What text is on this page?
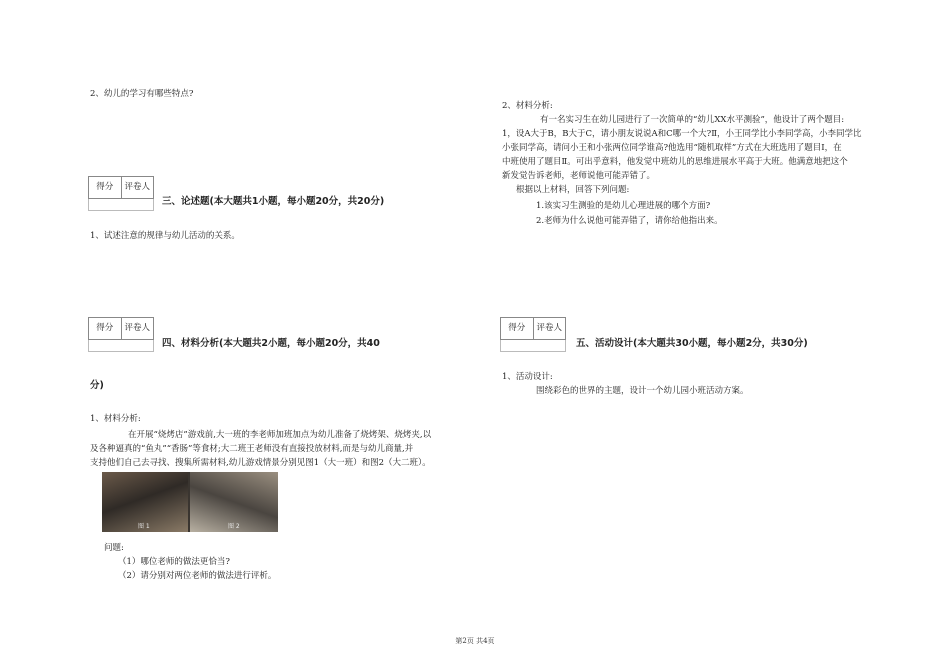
2、幼儿的学习有哪些特点?
得分	评卷人
三、论述题(本大题共1小题，每小题20分，共20分)
1、试述注意的规律与幼儿活动的关系。
得分	评卷人
四、材料分析(本大题共2小题，每小题20分，共40
分)
1、材料分析:
在开展“烧烤店”游戏前,大一班的李老师加班加点为幼儿准备了烧烤架、烧烤夹,以
及各种逼真的“鱼丸”“香肠”等食材;大二班王老师没有直接投放材料,而是与幼儿商量,并
支持他们自己去寻找、搜集所需材料,幼儿游戏情景分别见图1（大一班）和图2（大二班）。
图 1	图 2
问题:
（1）哪位老师的做法更恰当?
（2）请分别对两位老师的做法进行评析。
2、材料分析:
有一名实习生在幼儿园进行了一次简单的“幼儿XX水平测验”，他设计了两个题目:
1，设A大于B，B大于C，请小朋友说说A和C哪一个大?Ⅱ，小王同学比小李同学高，小李同学比
小张同学高，请问小王和小张两位同学谁高?他选用“随机取样”方式在大班选用了题目Ⅰ，在
中班使用了题目Ⅱ。可出乎意料，他发觉中班幼儿的思维进展水平高于大班。他满意地把这个
新发觉告诉老师，老师说他可能弄错了。
根据以上材料，回答下列问题:
1.该实习生测验的是幼儿心理进展的哪个方面?
2.老师为什么说他可能弄错了，请你给他指出来。
得分	评卷人
五、活动设计(本大题共30小题，每小题2分，共30分)
1、活动设计:
围绕彩色的世界的主题，设计一个幼儿园小班活动方案。
第2页 共4页
